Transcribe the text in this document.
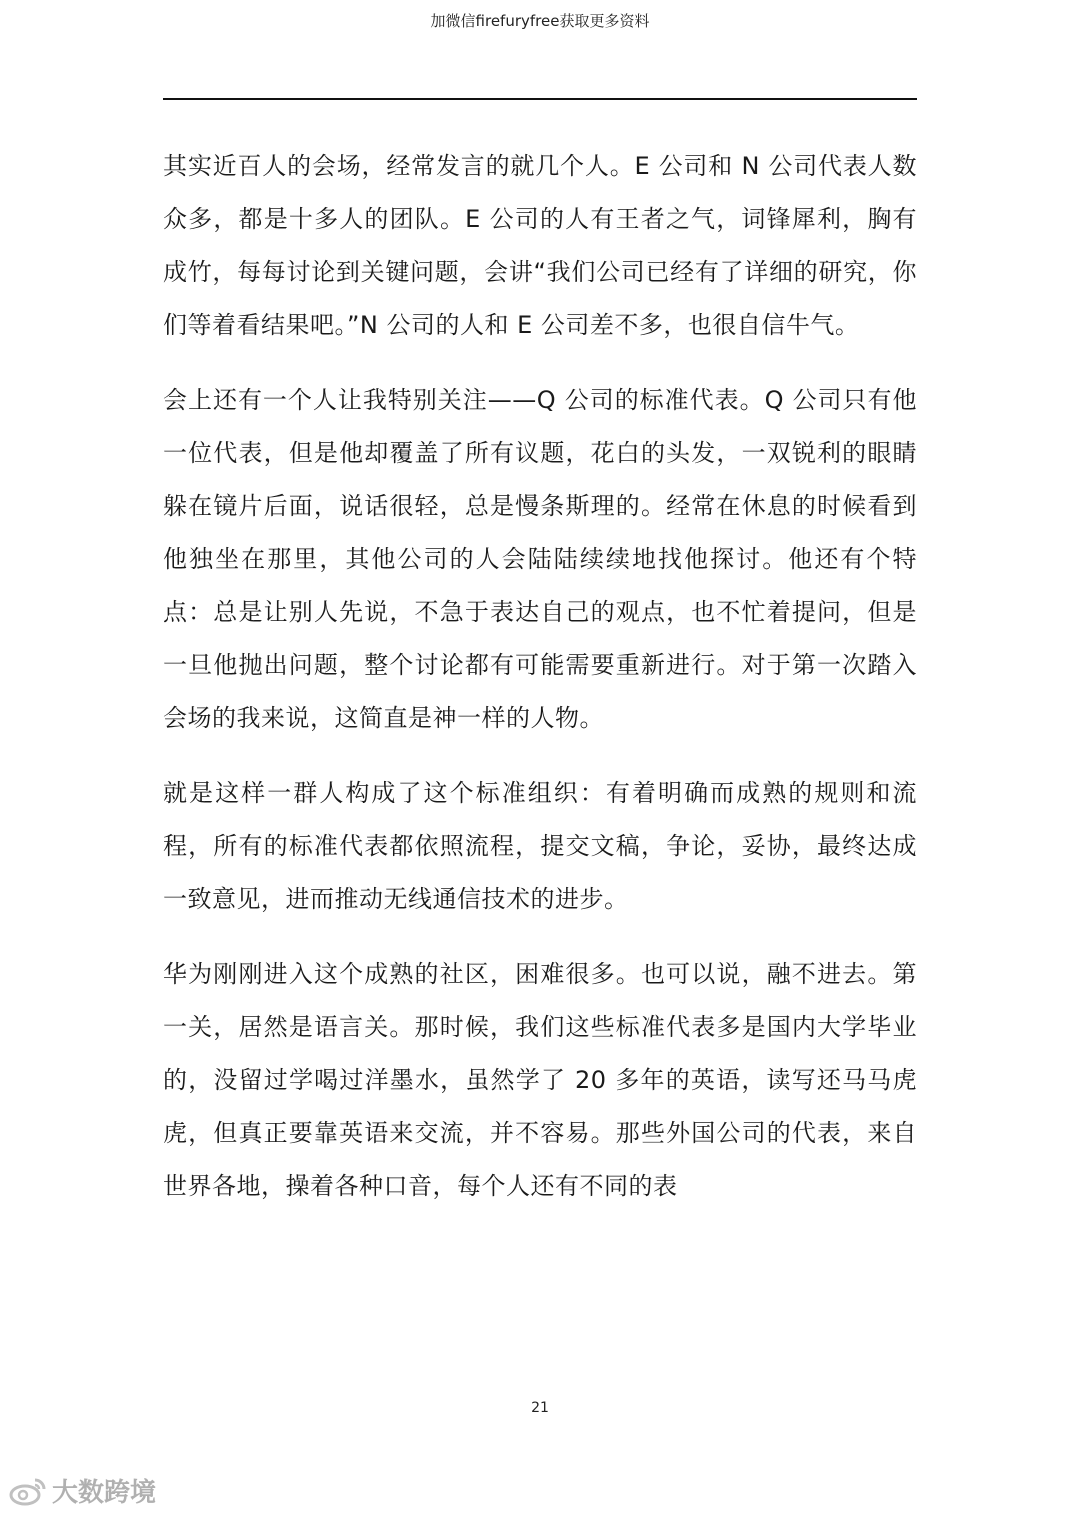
加微信firefuryfree获取更多资料

其实近百人的会场，经常发言的就几个人。E 公司和 N 公司代表人数众多，都是十多人的团队。E 公司的人有王者之气，词锋犀利，胸有成竹，每每讨论到关键问题，会讲“我们公司已经有了详细的研究，你们等着看结果吧。”N 公司的人和 E 公司差不多，也很自信牛气。

会上还有一个人让我特别关注——Q 公司的标准代表。Q 公司只有他一位代表，但是他却覆盖了所有议题，花白的头发，一双锐利的眼睛躲在镜片后面，说话很轻，总是慢条斯理的。经常在休息的时候看到他独坐在那里，其他公司的人会陆陆续续地找他探讨。他还有个特点：总是让别人先说，不急于表达自己的观点，也不忙着提问，但是一旦他抛出问题，整个讨论都有可能需要重新进行。对于第一次踏入会场的我来说，这简直是神一样的人物。

就是这样一群人构成了这个标准组织：有着明确而成熟的规则和流程，所有的标准代表都依照流程，提交文稿，争论，妥协，最终达成一致意见，进而推动无线通信技术的进步。

华为刚刚进入这个成熟的社区，困难很多。也可以说，融不进去。第一关，居然是语言关。那时候，我们这些标准代表多是国内大学毕业的，没留过学喝过洋墨水，虽然学了 20 多年的英语，读写还马马虎虎，但真正要靠英语来交流，并不容易。那些外国公司的代表，来自世界各地，操着各种口音，每个人还有不同的表

21
大数跨境
